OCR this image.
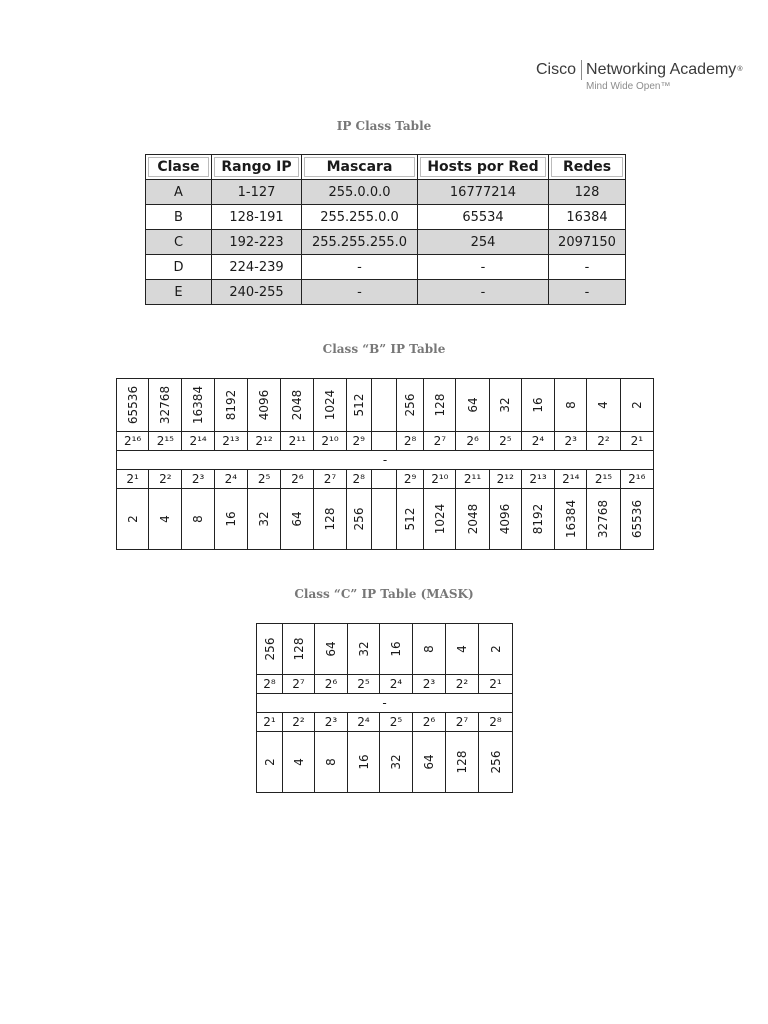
Cisco Networking Academy ®
Mind Wide Open™
IP Class Table
Clase	Rango IP	Mascara	Hosts por Red	Redes
A	1-127	255.0.0.0	16777214	128
B	128-191	255.255.0.0	65534	16384
C	192-223	255.255.255.0	254	2097150
D	224-239	-	-	-
E	240-255	-	-	-
Class “B” IP Table
65536	32768	16384	8192	4096	2048	1024	512		256	128	64	32	16	8	4	2

2¹⁶	2¹⁵	2¹⁴	2¹³	2¹²	2¹¹	2¹⁰	2⁹		2⁸	2⁷	2⁶	2⁵	2⁴	2³	2²	2¹
-																
2¹	2²	2³	2⁴	2⁵	2⁶	2⁷	2⁸		2⁹	2¹⁰	2¹¹	2¹²	2¹³	2¹⁴	2¹⁵	2¹⁶

2	4	8	16	32	64	128	256		512	1024	2048	4096	8192	16384	32768	65536
Class “C” IP Table (MASK)
256	128	64	32	16	8	4	2

2⁸	2⁷	2⁶	2⁵	2⁴	2³	2²	2¹
-							
2¹	2²	2³	2⁴	2⁵	2⁶	2⁷	2⁸

2	4	8	16	32	64	128	256
